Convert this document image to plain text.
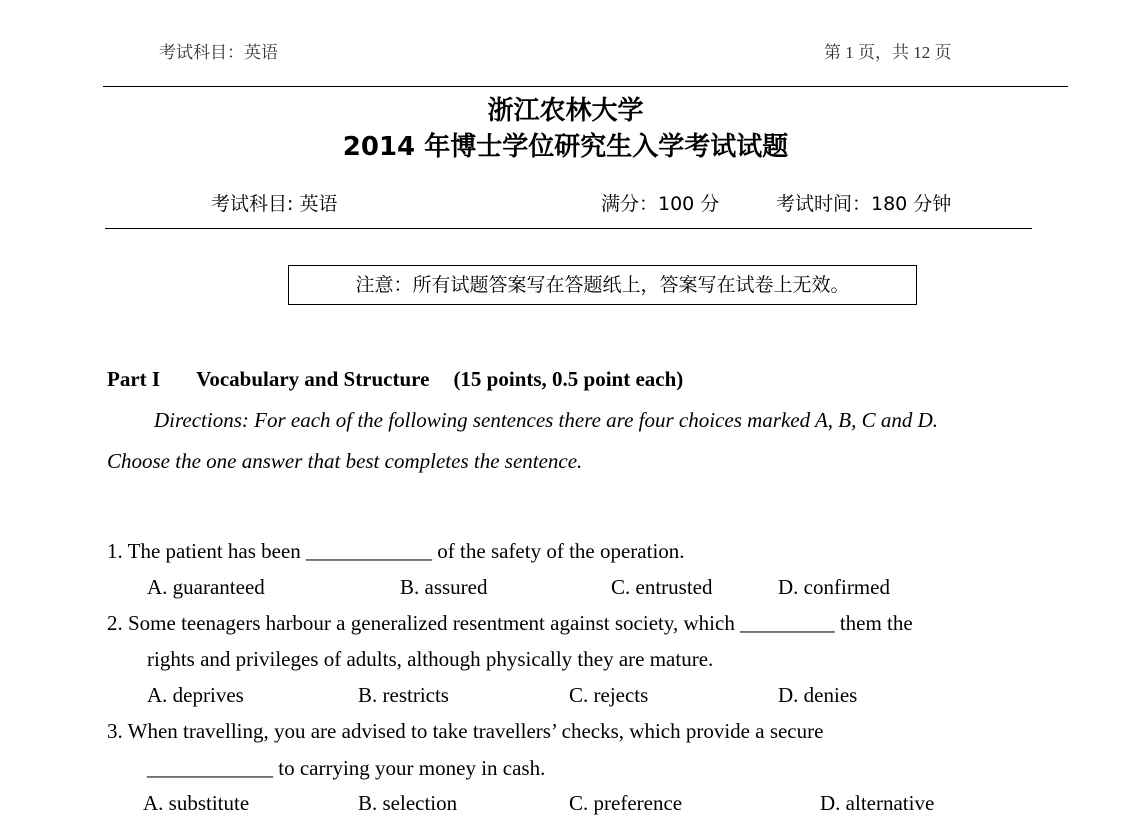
考试科目：英语	第 1 页，共 12 页
浙江农林大学
2014 年博士学位研究生入学考试试题
考试科目: 英语	满分：100 分	考试时间：180 分钟
注意：所有试题答案写在答题纸上，答案写在试卷上无效。
Part I Vocabulary and Structure (15 points, 0.5 point each)
Directions: For each of the following sentences there are four choices marked A, B, C and D.
Choose the one answer that best completes the sentence.
1. The patient has been ____________ of the safety of the operation.
A. guaranteed	B. assured	C. entrusted	D. confirmed
2. Some teenagers harbour a generalized resentment against society, which _________ them the
rights and privileges of adults, although physically they are mature.
A. deprives	B. restricts	C. rejects	D. denies
3. When travelling, you are advised to take travellers’ checks, which provide a secure
____________ to carrying your money in cash.
A. substitute	B. selection	C. preference	D. alternative
